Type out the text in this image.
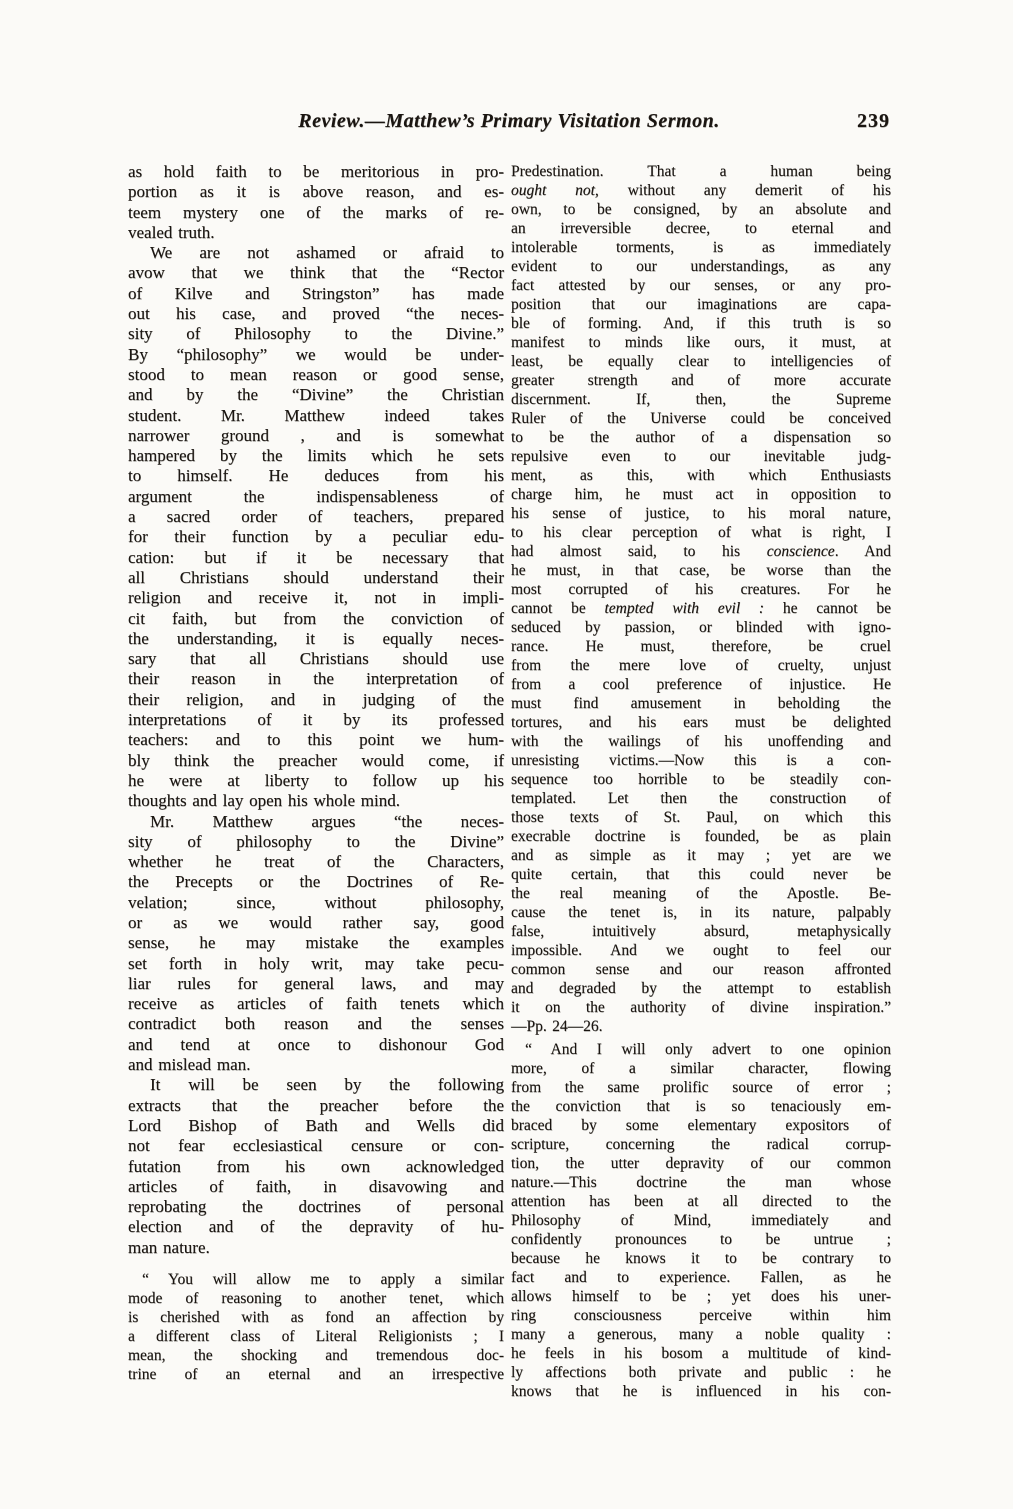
Review.—Matthew’s Primary Visitation Sermon.	239
as hold faith to be meritorious in pro-
portion as it is above reason, and es-
teem mystery one of the marks of re-
vealed truth.
We are not ashamed or afraid to
avow that we think that the “Rector
of Kilve and Stringston” has made
out his case, and proved “the neces-
sity of Philosophy to the Divine.”
By “philosophy” we would be under-
stood to mean reason or good sense,
and by the “Divine” the Christian
student. Mr. Matthew indeed takes
narrower ground , and is somewhat
hampered by the limits which he sets
to himself. He deduces from his
argument the indispensableness of
a sacred order of teachers, prepared
for their function by a peculiar edu-
cation: but if it be necessary that
all Christians should understand their
religion and receive it, not in impli-
cit faith, but from the conviction of
the understanding, it is equally neces-
sary that all Christians should use
their reason in the interpretation of
their religion, and in judging of the
interpretations of it by its professed
teachers: and to this point we hum-
bly think the preacher would come, if
he were at liberty to follow up his
thoughts and lay open his whole mind.
Mr. Matthew argues “the neces-
sity of philosophy to the Divine”
whether he treat of the Characters,
the Precepts or the Doctrines of Re-
velation; since, without philosophy,
or as we would rather say, good
sense, he may mistake the examples
set forth in holy writ, may take pecu-
liar rules for general laws, and may
receive as articles of faith tenets which
contradict both reason and the senses
and tend at once to dishonour God
and mislead man.
It will be seen by the following
extracts that the preacher before the
Lord Bishop of Bath and Wells did
not fear ecclesiastical censure or con-
futation from his own acknowledged
articles of faith, in disavowing and
reprobating the doctrines of personal
election and of the depravity of hu-
man nature.
“ You will allow me to apply a similar
mode of reasoning to another tenet, which
is cherished with as fond an affection by
a different class of Literal Religionists ; I
mean, the shocking and tremendous doc-
trine of an eternal and an irrespective
Predestination. That a human being
ought not, without any demerit of his
own, to be consigned, by an absolute and
an irreversible decree, to eternal and
intolerable torments, is as immediately
evident to our understandings, as any
fact attested by our senses, or any pro-
position that our imaginations are capa-
ble of forming. And, if this truth is so
manifest to minds like ours, it must, at
least, be equally clear to intelligencies of
greater strength and of more accurate
discernment. If, then, the Supreme
Ruler of the Universe could be conceived
to be the author of a dispensation so
repulsive even to our inevitable judg-
ment, as this, with which Enthusiasts
charge him, he must act in opposition to
his sense of justice, to his moral nature,
to his clear perception of what is right, I
had almost said, to his conscience. And
he must, in that case, be worse than the
most corrupted of his creatures. For he
cannot be tempted with evil : he cannot be
seduced by passion, or blinded with igno-
rance. He must, therefore, be cruel
from the mere love of cruelty, unjust
from a cool preference of injustice. He
must find amusement in beholding the
tortures, and his ears must be delighted
with the wailings of his unoffending and
unresisting victims.—Now this is a con-
sequence too horrible to be steadily con-
templated. Let then the construction of
those texts of St. Paul, on which this
execrable doctrine is founded, be as plain
and as simple as it may ; yet are we
quite certain, that this could never be
the real meaning of the Apostle. Be-
cause the tenet is, in its nature, palpably
false, intuitively absurd, metaphysically
impossible. And we ought to feel our
common sense and our reason affronted
and degraded by the attempt to establish
it on the authority of divine inspiration.”
—Pp. 24—26.
“ And I will only advert to one opinion
more, of a similar character, flowing
from the same prolific source of error ;
the conviction that is so tenaciously em-
braced by some elementary expositors of
scripture, concerning the radical corrup-
tion, the utter depravity of our common
nature.—This doctrine the man whose
attention has been at all directed to the
Philosophy of Mind, immediately and
confidently pronounces to be untrue ;
because he knows it to be contrary to
fact and to experience. Fallen, as he
allows himself to be ; yet does his uner-
ring consciousness perceive within him
many a generous, many a noble quality :
he feels in his bosom a multitude of kind-
ly affections both private and public : he
knows that he is influenced in his con-
